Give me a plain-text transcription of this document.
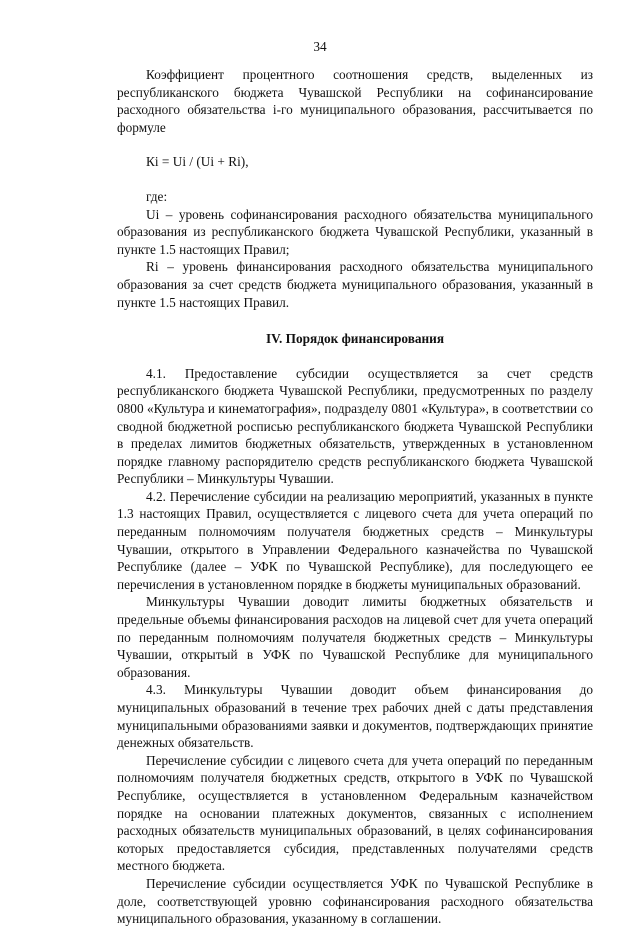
34

Коэффициент процентного соотношения средств, выделенных из республиканского бюджета Чувашской Республики на софинансирование расходного обязательства i-го муниципального образования, рассчитывается по формуле

Кi = Ui / (Ui + Ri),

где:

Ui – уровень софинансирования расходного обязательства муниципального образования из республиканского бюджета Чувашской Республики, указанный в пункте 1.5 настоящих Правил;

Ri – уровень финансирования расходного обязательства муниципального образования за счет средств бюджета муниципального образования, указанный в пункте 1.5 настоящих Правил.

IV. Порядок финансирования

4.1. Предоставление субсидии осуществляется за счет средств республиканского бюджета Чувашской Республики, предусмотренных по разделу 0800 «Культура и кинематография», подразделу 0801 «Культура», в соответствии со сводной бюджетной росписью республиканского бюджета Чувашской Республики в пределах лимитов бюджетных обязательств, утвержденных в установленном порядке главному распорядителю средств республиканского бюджета Чувашской Республики – Минкультуры Чувашии.

4.2. Перечисление субсидии на реализацию мероприятий, указанных в пункте 1.3 настоящих Правил, осуществляется с лицевого счета для учета операций по переданным полномочиям получателя бюджетных средств – Минкультуры Чувашии, открытого в Управлении Федерального казначейства по Чувашской Республике (далее – УФК по Чувашской Республике), для последующего ее перечисления в установленном порядке в бюджеты муниципальных образований.

Минкультуры Чувашии доводит лимиты бюджетных обязательств и предельные объемы финансирования расходов на лицевой счет для учета операций по переданным полномочиям получателя бюджетных средств – Минкультуры Чувашии, открытый в УФК по Чувашской Республике для муниципального образования.

4.3. Минкультуры Чувашии доводит объем финансирования до муниципальных образований в течение трех рабочих дней с даты представления муниципальными образованиями заявки и документов, подтверждающих принятие денежных обязательств.

Перечисление субсидии с лицевого счета для учета операций по переданным полномочиям получателя бюджетных средств, открытого в УФК по Чувашской Республике, осуществляется в установленном Федеральным казначейством порядке на основании платежных документов, связанных с исполнением расходных обязательств муниципальных образований, в целях софинансирования которых предоставляется субсидия, представленных получателями средств местного бюджета.

Перечисление субсидии осуществляется УФК по Чувашской Республике в доле, соответствующей уровню софинансирования расходного обязательства муниципального образования, указанному в соглашении.
